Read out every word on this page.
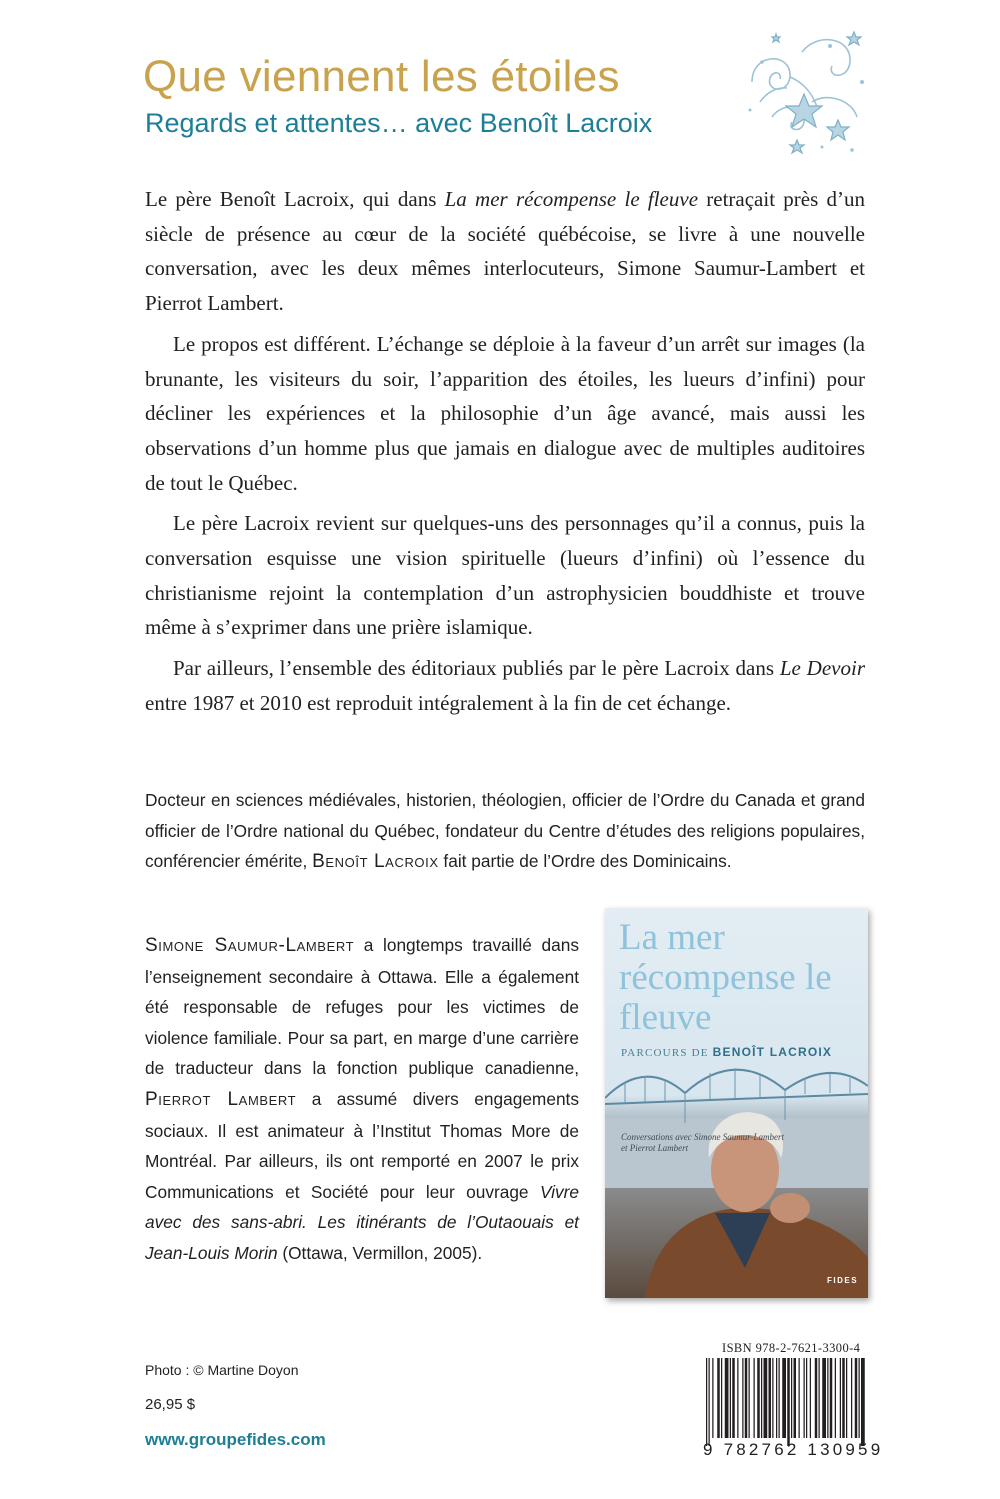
Que viennent les étoiles
Regards et attentes… avec Benoît Lacroix

Le père Benoît Lacroix, qui dans La mer récompense le fleuve retraçait près d’un siècle de présence au cœur de la société québécoise, se livre à une nouvelle conversation, avec les deux mêmes interlocuteurs, Simone Saumur-Lambert et Pierrot Lambert.

Le propos est différent. L’échange se déploie à la faveur d’un arrêt sur images (la brunante, les visiteurs du soir, l’apparition des étoiles, les lueurs d’infini) pour décliner les expériences et la philosophie d’un âge avancé, mais aussi les observations d’un homme plus que jamais en dialogue avec de multiples auditoires de tout le Québec.

Le père Lacroix revient sur quelques-uns des personnages qu’il a connus, puis la conversation esquisse une vision spirituelle (lueurs d’infini) où l’essence du christianisme rejoint la contemplation d’un astrophysicien bouddhiste et trouve même à s’exprimer dans une prière islamique.

Par ailleurs, l’ensemble des éditoriaux publiés par le père Lacroix dans Le Devoir entre 1987 et 2010 est reproduit intégralement à la fin de cet échange.

Docteur en sciences médiévales, historien, théologien, officier de l’Ordre du Canada et grand officier de l’Ordre national du Québec, fondateur du Centre d’études des religions populaires, conférencier émérite, Benoît Lacroix fait partie de l’Ordre des Dominicains.

Simone Saumur-Lambert a longtemps travaillé dans l’enseignement secondaire à Ottawa. Elle a également été responsable de refuges pour les victimes de violence familiale. Pour sa part, en marge d’une carrière de traducteur dans la fonction publique canadienne, Pierrot Lambert a assumé divers engagements sociaux. Il est animateur à l’Institut Thomas More de Montréal. Par ailleurs, ils ont remporté en 2007 le prix Communications et Société pour leur ouvrage Vivre avec des sans-abri. Les itinérants de l’Outaouais et Jean-Louis Morin (Ottawa, Vermillon, 2005).

La mer récompense le fleuve
PARCOURS DE BENOÎT LACROIX
Conversations avec Simone Saumur-Lambert et Pierrot Lambert
FIDES
Photo : © Martine Doyon
26,95 $
www.groupefides.com
ISBN 978-2-7621-3300-4
9 782762 130959
